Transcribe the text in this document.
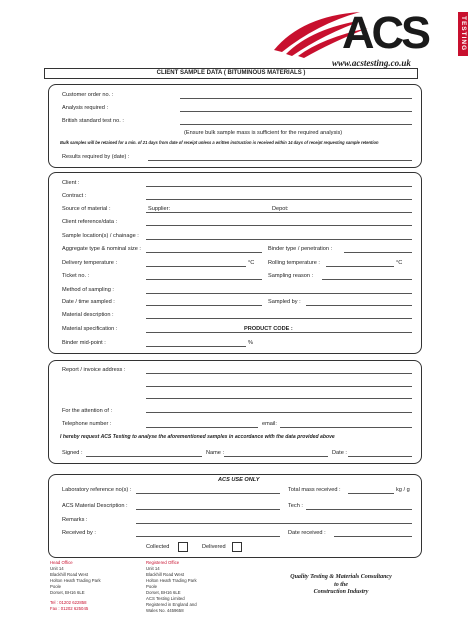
ACS	TESTING
www.acstesting.co.uk
CLIENT SAMPLE DATA ( BITUMINOUS MATERIALS )
Customer order no. :
Analysis required :
British standard test no. :
(Ensure bulk sample mass is sufficient for the required analysis)
Bulk samples will be retained for a min. of 21 days from date of receipt unless a written instruction is received within 14 days of receipt requesting sample retention
Results required by (date) :
Client :
Contract :
Source of material :	Supplier:	Depot:
Client reference/data :
Sample location(s) / chainage :
Aggregate type & nominal size :	Binder type / penetration :
Delivery temperature :	°C Rolling temperature :	°C
Ticket no. :	Sampling reason :
Method of sampling :
Date / time sampled :	Sampled by :
Material description :
Material specification :	PRODUCT CODE :
Binder mid-point :	%
Report / invoice address :
For the attention of :
Telephone number :	email:
I hereby request ACS Testing to analyse the aforementioned samples in accordance with the data provided above
Signed :	Name :	Date :
ACS USE ONLY
Laboratory reference no(s) :	Total mass received :	kg / g
ACS Material Description :	Tech :
Remarks :
Received by :	Date received :
Collected	Delivered
Head Office
Unit 14
Blackhill Road West
Holton Heath Trading Park
Poole
Dorset, BH16 6LE
Tel : 01202 622858
Fax : 01202 625045
Registered Office
Unit 14
Blackhill Road West
Holton Heath Trading Park
Poole
Dorset, BH16 6LE
ACS Testing Limited
Registered in England and
Wales No. 4459658
Quality Testing & Materials Consultancy
to the
Construction Industry
